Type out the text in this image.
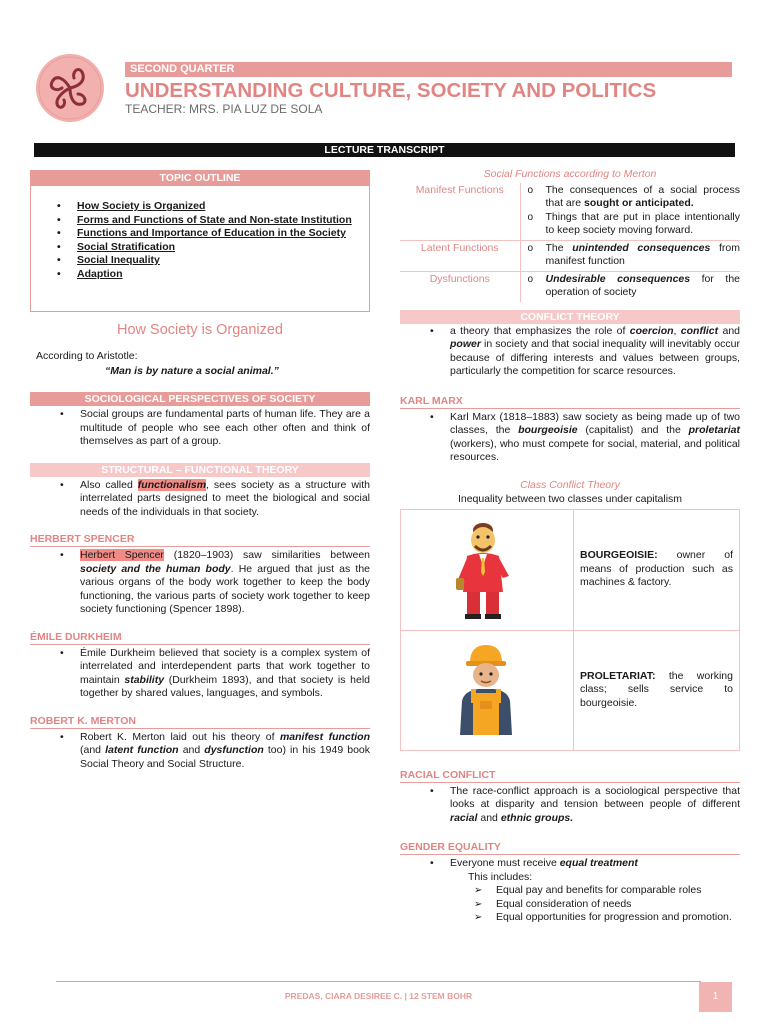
SECOND QUARTER
UNDERSTANDING CULTURE, SOCIETY AND POLITICS
TEACHER: MRS. PIA LUZ DE SOLA
LECTURE TRANSCRIPT
TOPIC OUTLINE
• How Society is Organized
• Forms and Functions of State and Non-state Institution
• Functions and Importance of Education in the Society
• Social Stratification
• Social Inequality
• Adaption
How Society is Organized
According to Aristotle:
“Man is by nature a social animal.”
SOCIOLOGICAL PERSPECTIVES OF SOCIETY
• Social groups are fundamental parts of human life. They are a multitude of people who see each other often and think of themselves as part of a group.
STRUCTURAL – FUNCTIONAL THEORY
• Also called functionalism, sees society as a structure with interrelated parts designed to meet the biological and social needs of the individuals in that society.
HERBERT SPENCER
• Herbert Spencer (1820–1903) saw similarities between society and the human body. He argued that just as the various organs of the body work together to keep the body functioning, the various parts of society work together to keep society functioning (Spencer 1898).
ÉMILE DURKHEIM
• Émile Durkheim believed that society is a complex system of interrelated and interdependent parts that work together to maintain stability (Durkheim 1893), and that society is held together by shared values, languages, and symbols.
ROBERT K. MERTON
• Robert K. Merton laid out his theory of manifest function (and latent function and dysfunction too) in his 1949 book Social Theory and Social Structure.
Social Functions according to Merton
Manifest Functions	o The consequences of a social process that are sought or anticipated.
o Things that are put in place intentionally to keep society moving forward.

Latent Functions	o The unintended consequences from manifest function

Dysfunctions	o Undesirable consequences for the operation of society
CONFLICT THEORY
• a theory that emphasizes the role of coercion, conflict and power in society and that social inequality will inevitably occur because of differing interests and values between groups, particularly the competition for scarce resources.
KARL MARX
• Karl Marx (1818–1883) saw society as being made up of two classes, the bourgeoisie (capitalist) and the proletariat (workers), who must compete for social, material, and political resources.
Class Conflict Theory
Inequality between two classes under capitalism
BOURGEOISIE: owner of means of production such as machines & factory.
PROLETARIAT: the working class; sells service to bourgeoisie.
RACIAL CONFLICT
• The race-conflict approach is a sociological perspective that looks at disparity and tension between people of different racial and ethnic groups.
GENDER EQUALITY
• Everyone must receive equal treatment
This includes:
➢ Equal pay and benefits for comparable roles
➢ Equal consideration of needs
➢ Equal opportunities for progression and promotion.
PREDAS, CIARA DESIREE C. | 12 STEM BOHR	1
